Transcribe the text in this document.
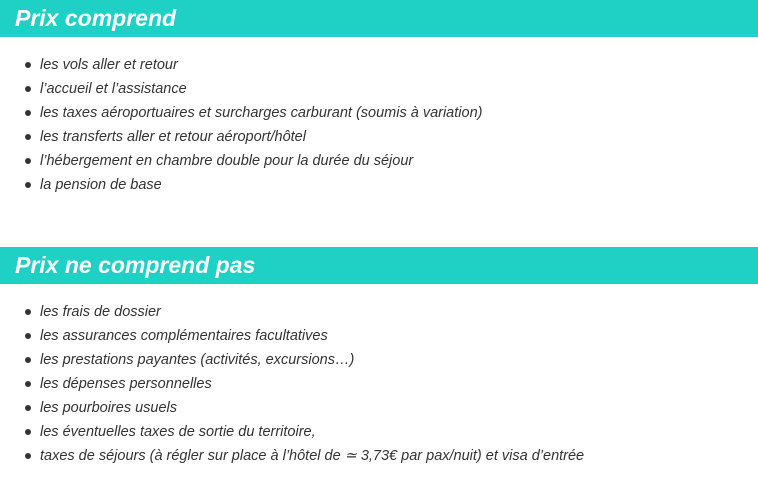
Prix comprend
les vols aller et retour
l’accueil et l’assistance
les taxes aéroportuaires et surcharges carburant (soumis à variation)
les transferts aller et retour aéroport/hôtel
l’hébergement en chambre double pour la durée du séjour
la pension de base
Prix ne comprend pas
les frais de dossier
les assurances complémentaires facultatives
les prestations payantes (activités, excursions…)
les dépenses personnelles
les pourboires usuels
les éventuelles taxes de sortie du territoire,
taxes de séjours (à régler sur place à l’hôtel de ≃ 3,73€ par pax/nuit) et visa d’entrée
